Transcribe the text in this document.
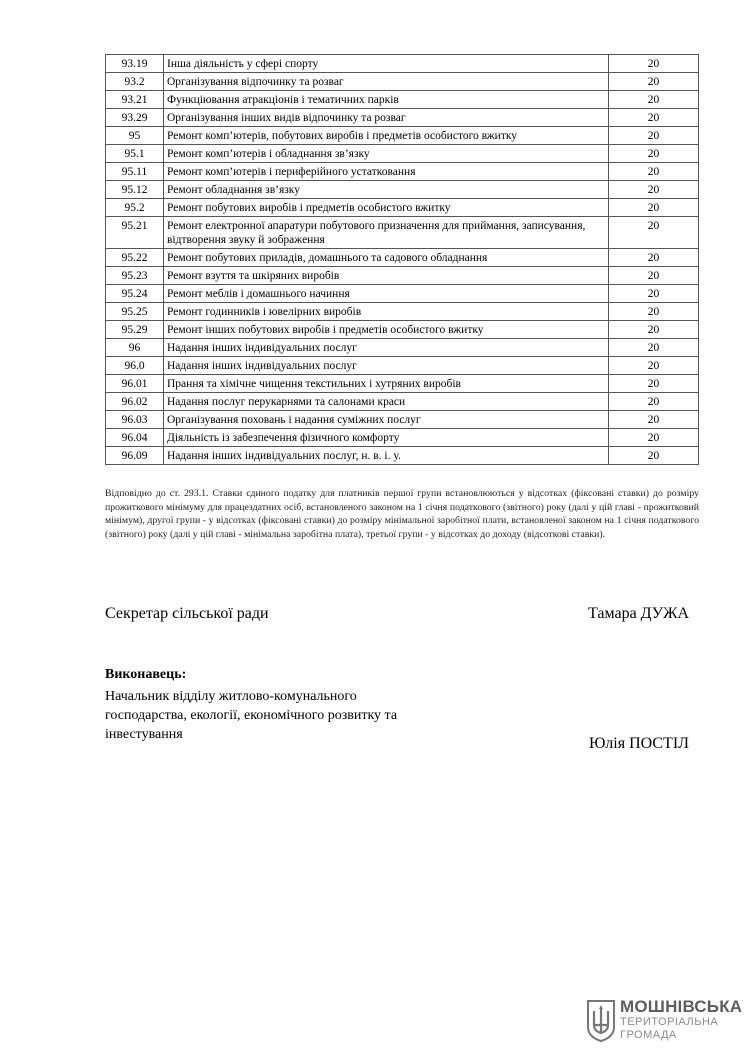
93.19	Інша діяльність у сфері спорту	20
93.2	Організування відпочинку та розваг	20
93.21	Функціювання атракціонів і тематичних парків	20
93.29	Організування інших видів відпочинку та розваг	20
95	Ремонт комп’ютерів, побутових виробів і предметів особистого вжитку	20
95.1	Ремонт комп’ютерів і обладнання зв’язку	20
95.11	Ремонт комп’ютерів і периферійного устатковання	20
95.12	Ремонт обладнання зв’язку	20
95.2	Ремонт побутових виробів і предметів особистого вжитку	20
95.21	Ремонт електронної апаратури побутового призначення для приймання, записування, відтворення звуку й зображення	20
95.22	Ремонт побутових приладів, домашнього та садового обладнання	20
95.23	Ремонт взуття та шкіряних виробів	20
95.24	Ремонт меблів і домашнього начиння	20
95.25	Ремонт годинників і ювелірних виробів	20
95.29	Ремонт інших побутових виробів і предметів особистого вжитку	20
96	Надання інших індивідуальних послуг	20
96.0	Надання інших індивідуальних послуг	20
96.01	Прання та хімічне чищення текстильних і хутряних виробів	20
96.02	Надання послуг перукарнями та салонами краси	20
96.03	Організування поховань і надання суміжних послуг	20
96.04	Діяльність із забезпечення фізичного комфорту	20
96.09	Надання інших індивідуальних послуг, н. в. і. у.	20
Відповідно до ст. 293.1. Ставки єдиного податку для платників першої групи встановлюються у відсотках (фіксовані ставки) до розміру прожиткового мінімуму для працездатних осіб, встановленого законом на 1 січня податкового (звітного) року (далі у цій главі - прожитковий мінімум), другої групи - у відсотках (фіксовані ставки) до розміру мінімальної заробітної плати, встановленої законом на 1 січня податкового (звітного) року (далі у цій главі - мінімальна заробітна плата), третьої групи - у відсотках до доходу (відсоткові ставки).
Секретар сільської ради	Тамара ДУЖА
Виконавець:
Начальник відділу житлово-комунального господарства, екології, економічного розвитку та інвестування
Юлія ПОСТІЛ
МОШНІВСЬКА
ТЕРИТОРІАЛЬНА
ГРОМАДА
